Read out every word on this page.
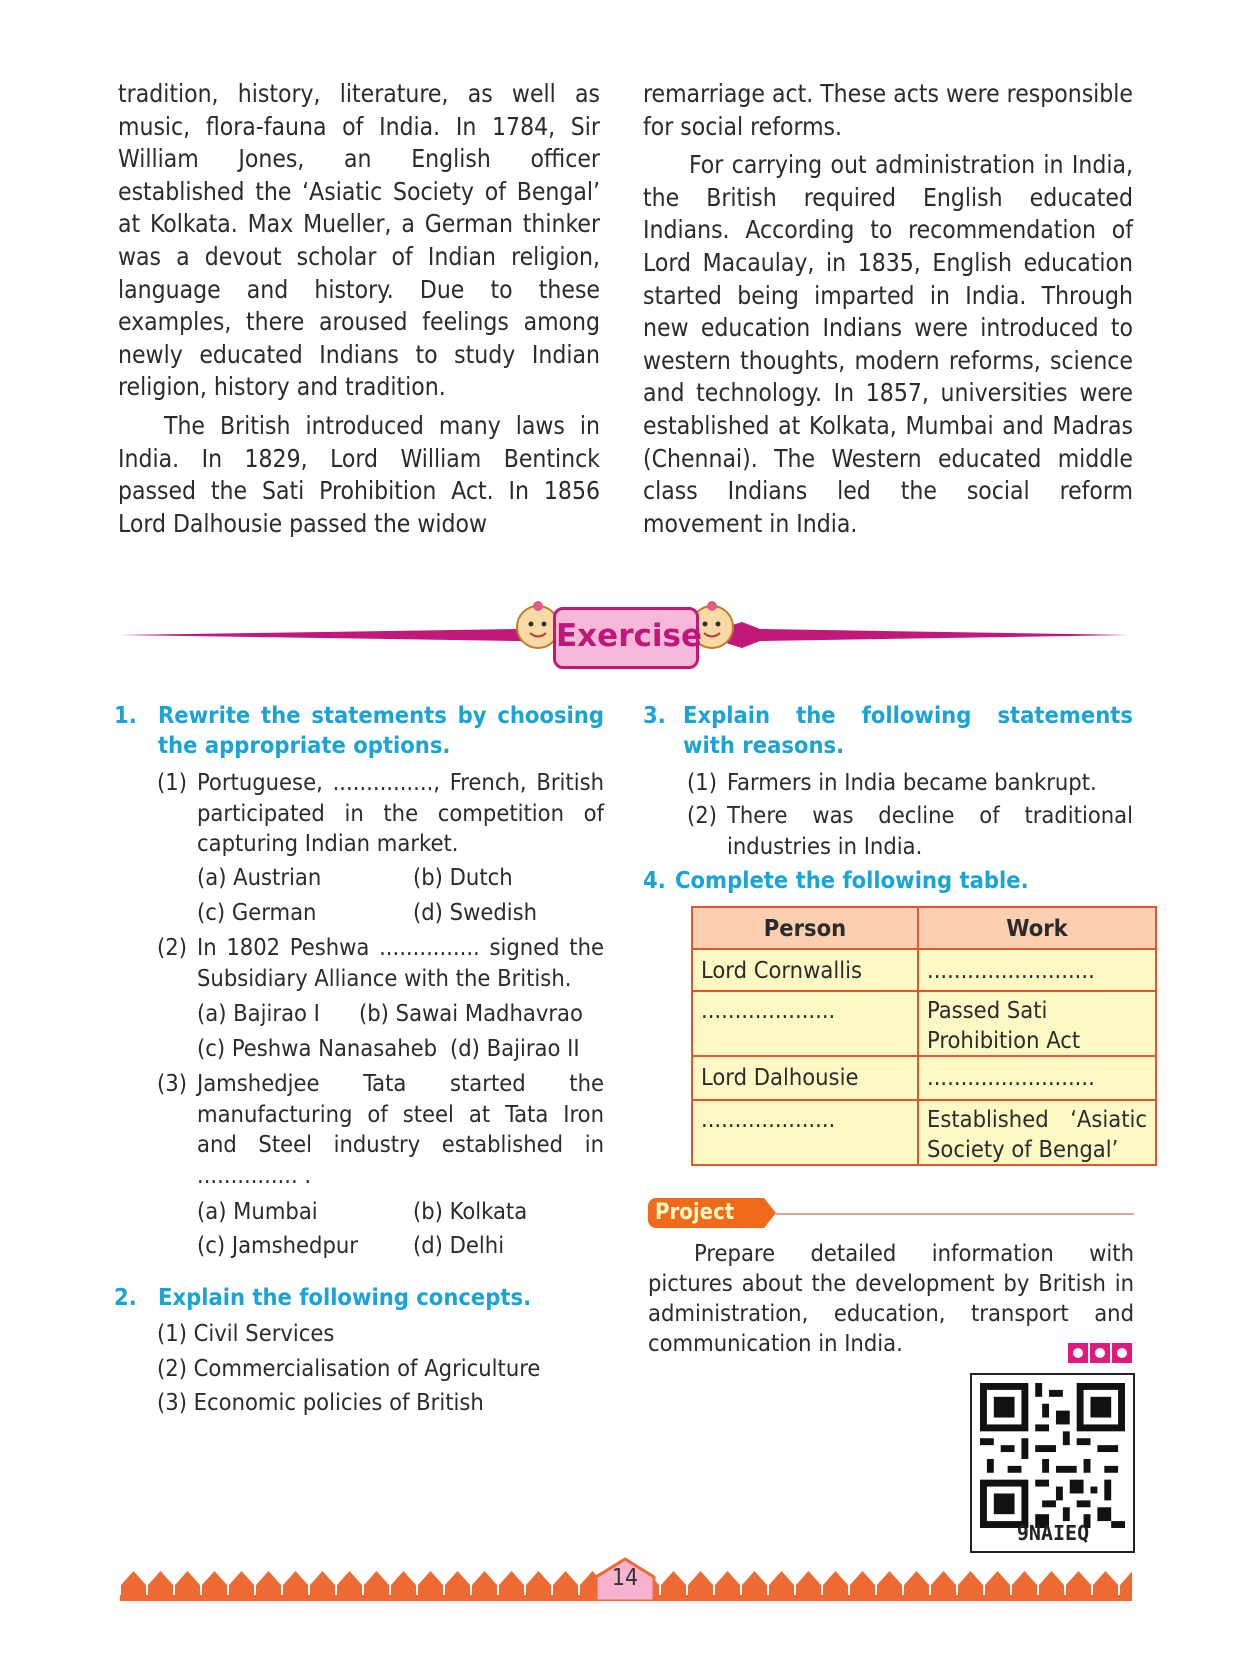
tradition, history, literature, as well as music, flora-fauna of India. In 1784, Sir William Jones, an English officer established the ‘Asiatic Society of Bengal’ at Kolkata. Max Mueller, a German thinker was a devout scholar of Indian religion, language and history. Due to these examples, there aroused feelings among newly educated Indians to study Indian religion, history and tradition.

The British introduced many laws in India. In 1829, Lord William Bentinck passed the Sati Prohibition Act. In 1856 Lord Dalhousie passed the widow

remarriage act. These acts were responsible for social reforms.

For carrying out administration in India, the British required English educated Indians. According to recommendation of Lord Macaulay, in 1835, English education started being imparted in India. Through new education Indians were introduced to western thoughts, modern reforms, science and technology. In 1857, universities were established at Kolkata, Mumbai and Madras (Chennai). The Western educated middle class Indians led the social reform movement in India.

Exercise
1. Rewrite the statements by choosing the appropriate options.
(1) Portuguese, ..............., French, British participated in the competition of capturing Indian market.
(a) Austrian	(b) Dutch
(c) German	(d) Swedish
(2) In 1802 Peshwa ............... signed the Subsidiary Alliance with the British.
(a) Bajirao I (b) Sawai Madhavrao
(c) Peshwa Nanasaheb (d) Bajirao II
(3) Jamshedjee Tata started the manufacturing of steel at Tata Iron and Steel industry established in
............... .
(a) Mumbai	(b) Kolkata
(c) Jamshedpur (d) Delhi
2. Explain the following concepts.
(1) Civil Services
(2) Commercialisation of Agriculture
(3) Economic policies of British
3. Explain the following statements with reasons.
(1) Farmers in India became bankrupt.
(2) There was decline of traditional industries in India.
4. Complete the following table.
Person	Work
Lord Cornwallis	.........................
....................	Passed Sati Prohibition Act
Lord Dalhousie	.........................
....................	Established ‘Asiatic Society of Bengal’
Project
Prepare detailed information with pictures about the development by British in administration, education, transport and communication in India.
9NAIEQ
14
